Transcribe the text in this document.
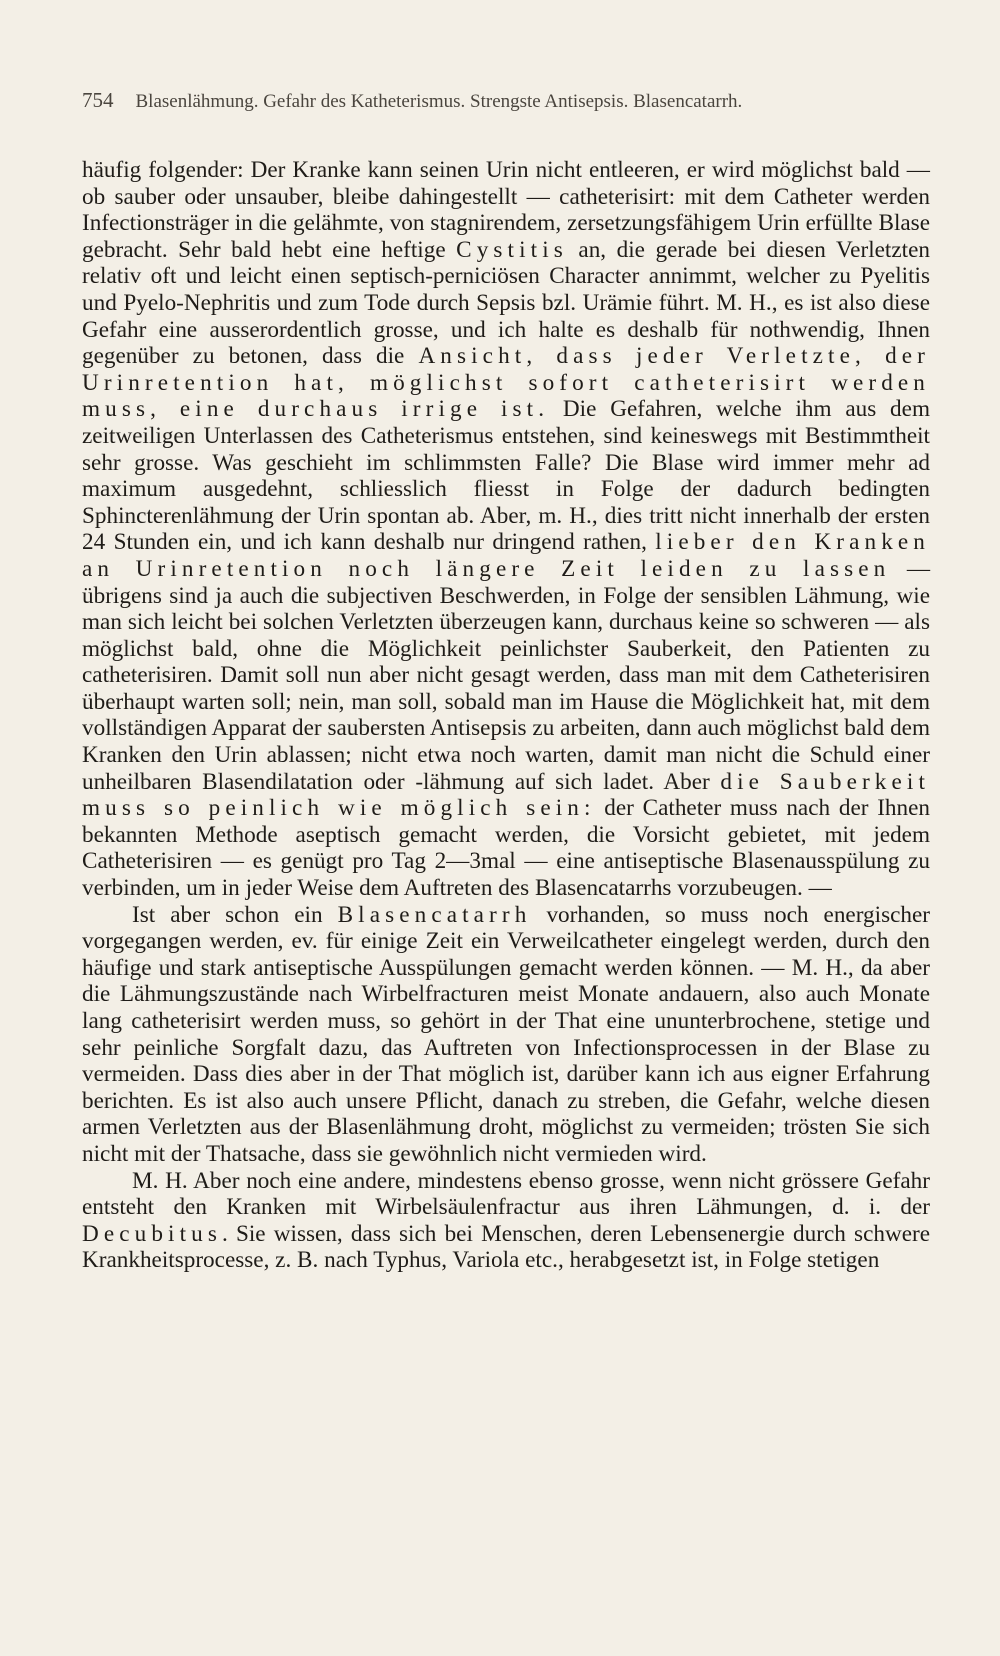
754 Blasenlähmung. Gefahr des Katheterismus. Strengste Antisepsis. Blasencatarrh.

häufig folgender: Der Kranke kann seinen Urin nicht entleeren, er wird möglichst bald — ob sauber oder unsauber, bleibe dahingestellt — catheterisirt: mit dem Catheter werden Infectionsträger in die gelähmte, von stagnirendem, zersetzungsfähigem Urin erfüllte Blase gebracht. Sehr bald hebt eine heftige Cystitis an, die gerade bei diesen Verletzten relativ oft und leicht einen septisch-perniciösen Character annimmt, welcher zu Pyelitis und Pyelo-Nephritis und zum Tode durch Sepsis bzl. Urämie führt. M. H., es ist also diese Gefahr eine ausserordentlich grosse, und ich halte es deshalb für nothwendig, Ihnen gegenüber zu betonen, dass die Ansicht, dass jeder Verletzte, der Urinretention hat, möglichst sofort catheterisirt werden muss, eine durchaus irrige ist. Die Gefahren, welche ihm aus dem zeitweiligen Unterlassen des Catheterismus entstehen, sind keineswegs mit Bestimmtheit sehr grosse. Was geschieht im schlimmsten Falle? Die Blase wird immer mehr ad maximum ausgedehnt, schliesslich fliesst in Folge der dadurch bedingten Sphincterenlähmung der Urin spontan ab. Aber, m. H., dies tritt nicht innerhalb der ersten 24 Stunden ein, und ich kann deshalb nur dringend rathen, lieber den Kranken an Urinretention noch längere Zeit leiden zu lassen — übrigens sind ja auch die subjectiven Beschwerden, in Folge der sensiblen Lähmung, wie man sich leicht bei solchen Verletzten überzeugen kann, durchaus keine so schweren — als möglichst bald, ohne die Möglichkeit peinlichster Sauberkeit, den Patienten zu catheterisiren. Damit soll nun aber nicht gesagt werden, dass man mit dem Catheterisiren überhaupt warten soll; nein, man soll, sobald man im Hause die Möglichkeit hat, mit dem vollständigen Apparat der saubersten Antisepsis zu arbeiten, dann auch möglichst bald dem Kranken den Urin ablassen; nicht etwa noch warten, damit man nicht die Schuld einer unheilbaren Blasendilatation oder -lähmung auf sich ladet. Aber die Sauberkeit muss so peinlich wie möglich sein: der Catheter muss nach der Ihnen bekannten Methode aseptisch gemacht werden, die Vorsicht gebietet, mit jedem Catheterisiren — es genügt pro Tag 2—3mal — eine antiseptische Blasenausspülung zu verbinden, um in jeder Weise dem Auftreten des Blasencatarrhs vorzubeugen. —

Ist aber schon ein Blasencatarrh vorhanden, so muss noch energischer vorgegangen werden, ev. für einige Zeit ein Verweilcatheter eingelegt werden, durch den häufige und stark antiseptische Ausspülungen gemacht werden können. — M. H., da aber die Lähmungszustände nach Wirbelfracturen meist Monate andauern, also auch Monate lang catheterisirt werden muss, so gehört in der That eine ununterbrochene, stetige und sehr peinliche Sorgfalt dazu, das Auftreten von Infectionsprocessen in der Blase zu vermeiden. Dass dies aber in der That möglich ist, darüber kann ich aus eigner Erfahrung berichten. Es ist also auch unsere Pflicht, danach zu streben, die Gefahr, welche diesen armen Verletzten aus der Blasenlähmung droht, möglichst zu vermeiden; trösten Sie sich nicht mit der Thatsache, dass sie gewöhnlich nicht vermieden wird.

M. H. Aber noch eine andere, mindestens ebenso grosse, wenn nicht grössere Gefahr entsteht den Kranken mit Wirbelsäulenfractur aus ihren Lähmungen, d. i. der Decubitus. Sie wissen, dass sich bei Menschen, deren Lebensenergie durch schwere Krankheitsprocesse, z. B. nach Typhus, Variola etc., herabgesetzt ist, in Folge stetigen
